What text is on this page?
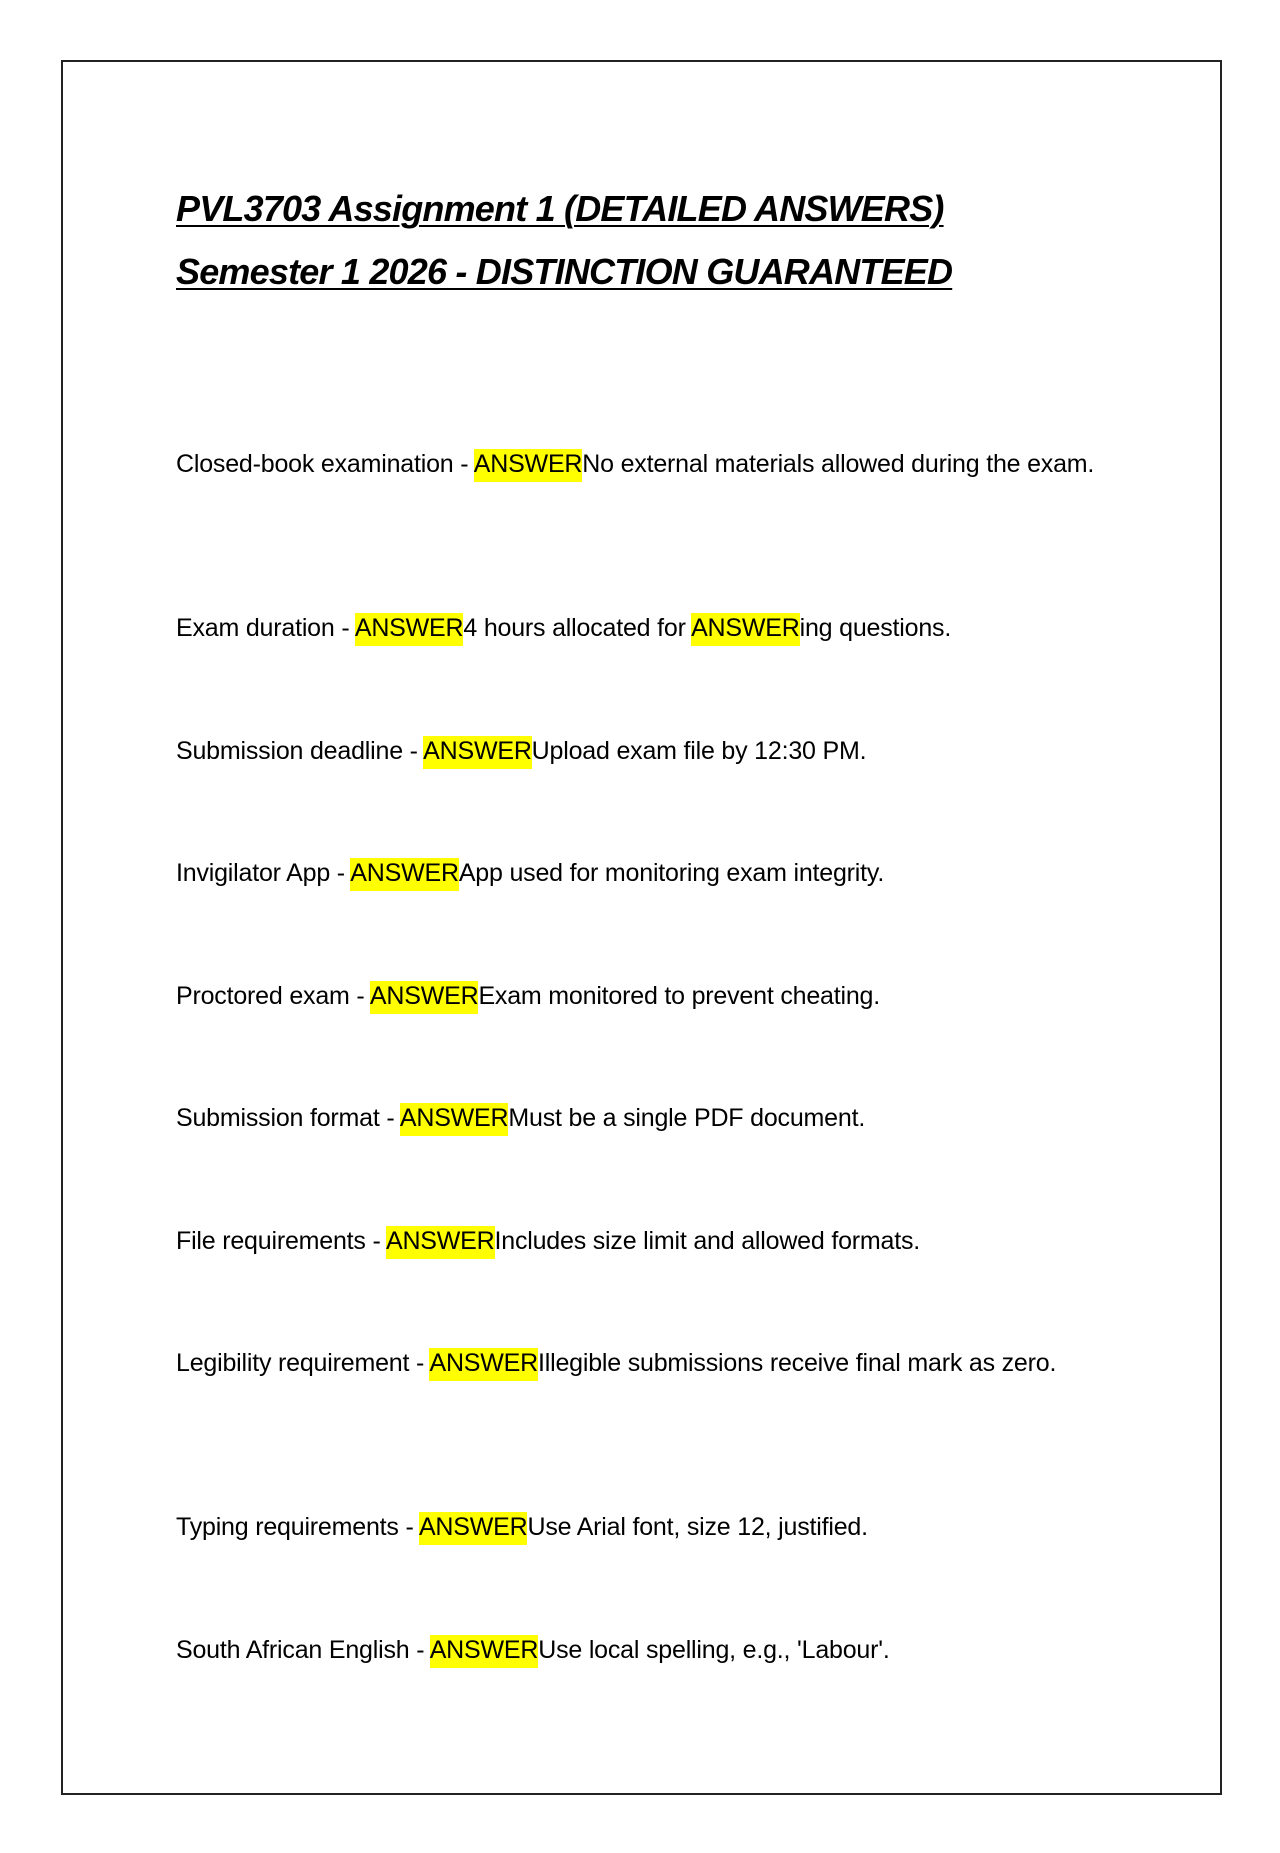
PVL3703 Assignment 1 (DETAILED ANSWERS)
Semester 1 2026 - DISTINCTION GUARANTEED

Closed-book examination - ANSWERNo external materials allowed during the exam.

Exam duration - ANSWER4 hours allocated for ANSWERing questions.

Submission deadline - ANSWERUpload exam file by 12:30 PM.

Invigilator App - ANSWERApp used for monitoring exam integrity.

Proctored exam - ANSWERExam monitored to prevent cheating.

Submission format - ANSWERMust be a single PDF document.

File requirements - ANSWERIncludes size limit and allowed formats.

Legibility requirement - ANSWERIllegible submissions receive final mark as zero.

Typing requirements - ANSWERUse Arial font, size 12, justified.

South African English - ANSWERUse local spelling, e.g., 'Labour'.
